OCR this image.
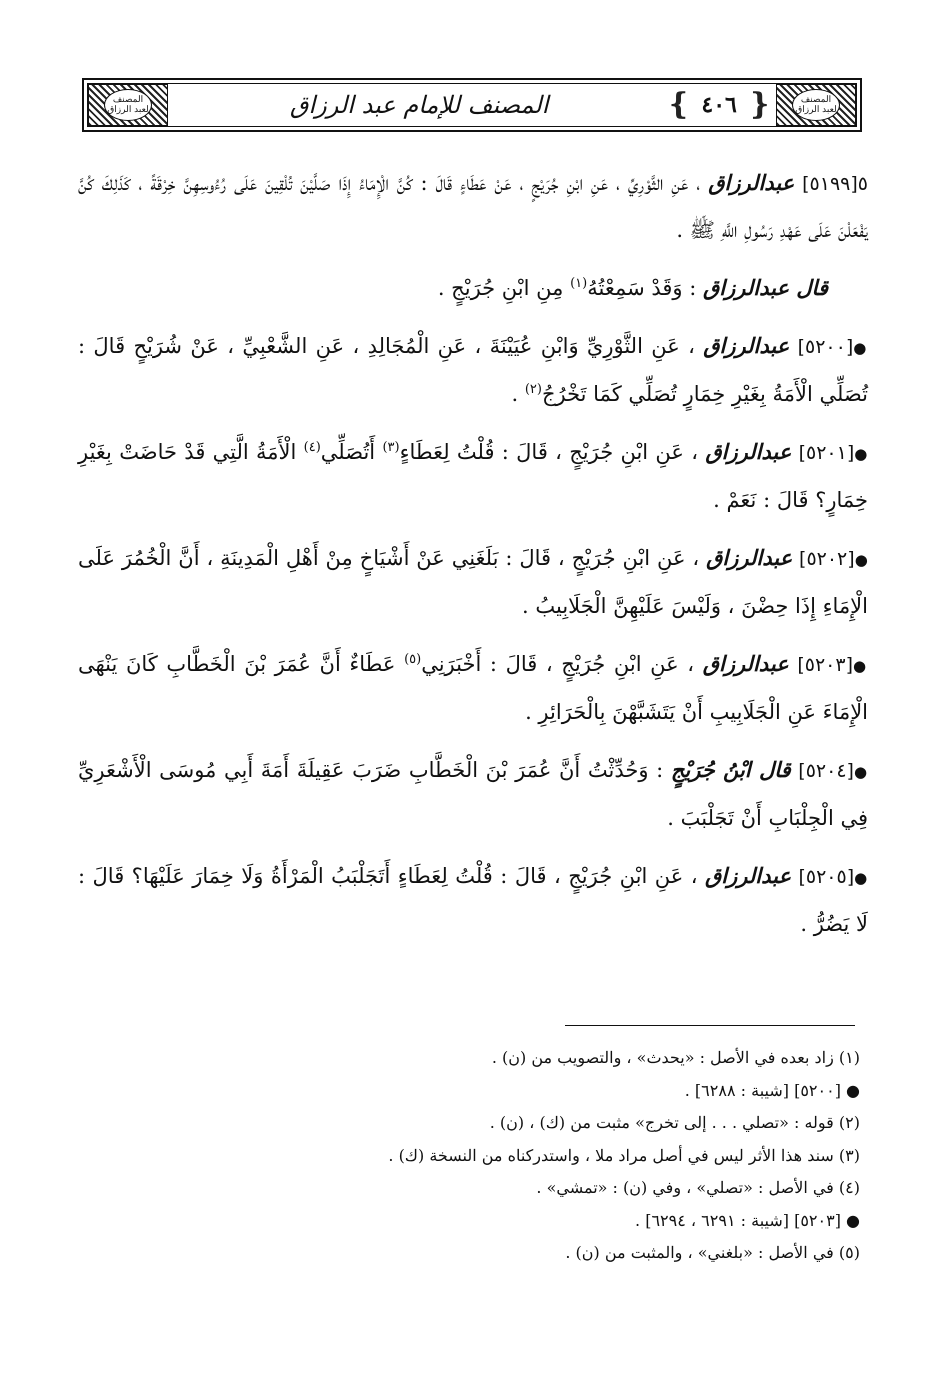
المصنف لعبد الرزاق	المصنف للإمام عبد الرزاق	❴ ٤٠٦ ❵	المصنف لعبد الرزاق

٥[٥١٩٩] عبدالرزاق ، عَنِ الثَّوْرِيِّ ، عَنِ ابْنِ جُرَيْجٍ ، عَنْ عَطَاءٍ قَالَ : كُنَّ الْإِمَاءُ إِذَا صَلَّيْنَ تُلْقِينَ عَلَى رُءُوسِهِنَّ خِرْقَةً ، كَذَلِكَ كُنَّ يَفْعَلْنَ عَلَى عَهْدِ رَسُولِ اللَّهِ ﷺ .

قال عبدالرزاق : وَقَدْ سَمِعْتُهُ$^{(١)}$ مِنِ ابْنِ جُرَيْجٍ .

●[٥٢٠٠] عبدالرزاق ، عَنِ الثَّوْرِيِّ وَابْنِ عُيَيْنَةَ ، عَنِ الْمُجَالِدِ ، عَنِ الشَّعْبِيِّ ، عَنْ شُرَيْحٍ قَالَ : تُصَلِّي الْأَمَةُ بِغَيْرِ خِمَارٍ تُصَلِّي كَمَا تَخْرُجُ$^{(٢)}$ .

●[٥٢٠١] عبدالرزاق ، عَنِ ابْنِ جُرَيْجٍ ، قَالَ : قُلْتُ لِعَطَاءٍ$^{(٣)}$ أَتُصَلِّي$^{(٤)}$ الْأَمَةُ الَّتِي قَدْ حَاضَتْ بِغَيْرِ خِمَارٍ؟ قَالَ : نَعَمْ .

●[٥٢٠٢] عبدالرزاق ، عَنِ ابْنِ جُرَيْجٍ ، قَالَ : بَلَغَنِي عَنْ أَشْيَاخٍ مِنْ أَهْلِ الْمَدِينَةِ ، أَنَّ الْخُمُرَ عَلَى الْإِمَاءِ إِذَا حِضْنَ ، وَلَيْسَ عَلَيْهِنَّ الْجَلَابِيبُ .

●[٥٢٠٣] عبدالرزاق ، عَنِ ابْنِ جُرَيْجٍ ، قَالَ : أَخْبَرَنِي$^{(٥)}$ عَطَاءٌ أَنَّ عُمَرَ بْنَ الْخَطَّابِ كَانَ يَنْهَى الْإِمَاءَ عَنِ الْجَلَابِيبِ أَنْ يَتَشَبَّهْنَ بِالْحَرَائِرِ .

●[٥٢٠٤] قال ابْنُ جُرَيْجٍ : وَحُدِّثْتُ أَنَّ عُمَرَ بْنَ الْخَطَّابِ ضَرَبَ عَقِيلَةَ أَمَةَ أَبِي مُوسَى الْأَشْعَرِيِّ فِي الْجِلْبَابِ أَنْ تَجَلْبَبَ .

●[٥٢٠٥] عبدالرزاق ، عَنِ ابْنِ جُرَيْجٍ ، قَالَ : قُلْتُ لِعَطَاءٍ أَتَجَلْبَبُ الْمَرْأَةُ وَلَا خِمَارَ عَلَيْهَا؟ قَالَ : لَا يَضُرُّ .

(١) زاد بعده في الأصل : «يحدث» ، والتصويب من (ن) .
● [٥٢٠٠] [شيبة : ٦٢٨٨] .
(٢) قوله : «تصلي . . . إلى تخرج» مثبت من (ك) ، (ن) .
(٣) سند هذا الأثر ليس في أصل مراد ملا ، واستدركناه من النسخة (ك) .
(٤) في الأصل : «تصلي» ، وفي (ن) : «تمشي» .
● [٥٢٠٣] [شيبة : ٦٢٩١ ، ٦٢٩٤] .
(٥) في الأصل : «بلغني» ، والمثبت من (ن) .
